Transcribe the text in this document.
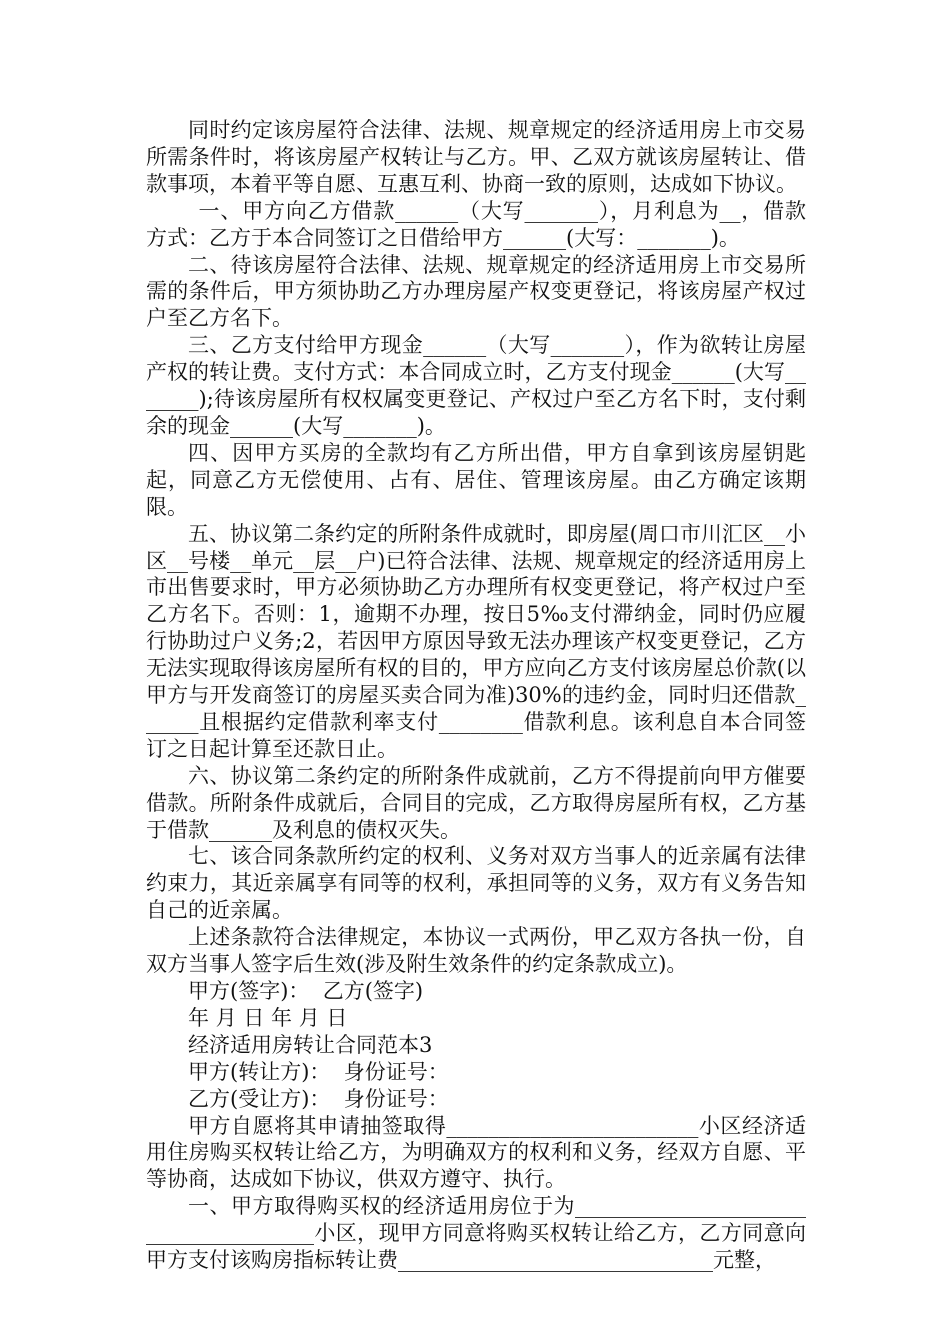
同时约定该房屋符合法律、法规、规章规定的经济适用房上市交易所需条件时，将该房屋产权转让与乙方。甲、乙双方就该房屋转让、借款事项，本着平等自愿、互惠互利、协商一致的原则，达成如下协议。

一、甲方向乙方借款______（大写_______），月利息为__，借款方式：乙方于本合同签订之日借给甲方______(大写：_______)。

二、待该房屋符合法律、法规、规章规定的经济适用房上市交易所需的条件后，甲方须协助乙方办理房屋产权变更登记，将该房屋产权过户至乙方名下。

三、乙方支付给甲方现金______（大写_______），作为欲转让房屋产权的转让费。支付方式：本合同成立时，乙方支付现金______(大写_______);待该房屋所有权权属变更登记、产权过户至乙方名下时，支付剩余的现金______(大写_______)。

四、因甲方买房的全款均有乙方所出借，甲方自拿到该房屋钥匙起，同意乙方无偿使用、占有、居住、管理该房屋。由乙方确定该期限。

五、协议第二条约定的所附条件成就时，即房屋(周口市川汇区__小区__号楼__单元__层__户)已符合法律、法规、规章规定的经济适用房上市出售要求时，甲方必须协助乙方办理所有权变更登记，将产权过户至乙方名下。否则：1，逾期不办理，按日5‰支付滞纳金，同时仍应履行协助过户义务;2，若因甲方原因导致无法办理该产权变更登记，乙方无法实现取得该房屋所有权的目的，甲方应向乙方支付该房屋总价款(以甲方与开发商签订的房屋买卖合同为准)30%的违约金，同时归还借款______且根据约定借款利率支付________借款利息。该利息自本合同签订之日起计算至还款日止。

六、协议第二条约定的所附条件成就前，乙方不得提前向甲方催要借款。所附条件成就后，合同目的完成，乙方取得房屋所有权，乙方基于借款______及利息的债权灭失。

七、该合同条款所约定的权利、义务对双方当事人的近亲属有法律约束力，其近亲属享有同等的权利，承担同等的义务，双方有义务告知自己的近亲属。

上述条款符合法律规定，本协议一式两份，甲乙双方各执一份，自双方当事人签字后生效(涉及附生效条件的约定条款成立)。

甲方(签字)：  乙方(签字)

年 月 日 年 月 日

经济适用房转让合同范本3

甲方(转让方)：  身份证号：

乙方(受让方)：  身份证号：

甲方自愿将其申请抽签取得________________________小区经济适用住房购买权转让给乙方，为明确双方的权利和义务，经双方自愿、平等协商，达成如下协议，供双方遵守、执行。

一、甲方取得购买权的经济适用房位于为______________________________________小区，现甲方同意将购买权转让给乙方，乙方同意向甲方支付该购房指标转让费______________________________元整，
